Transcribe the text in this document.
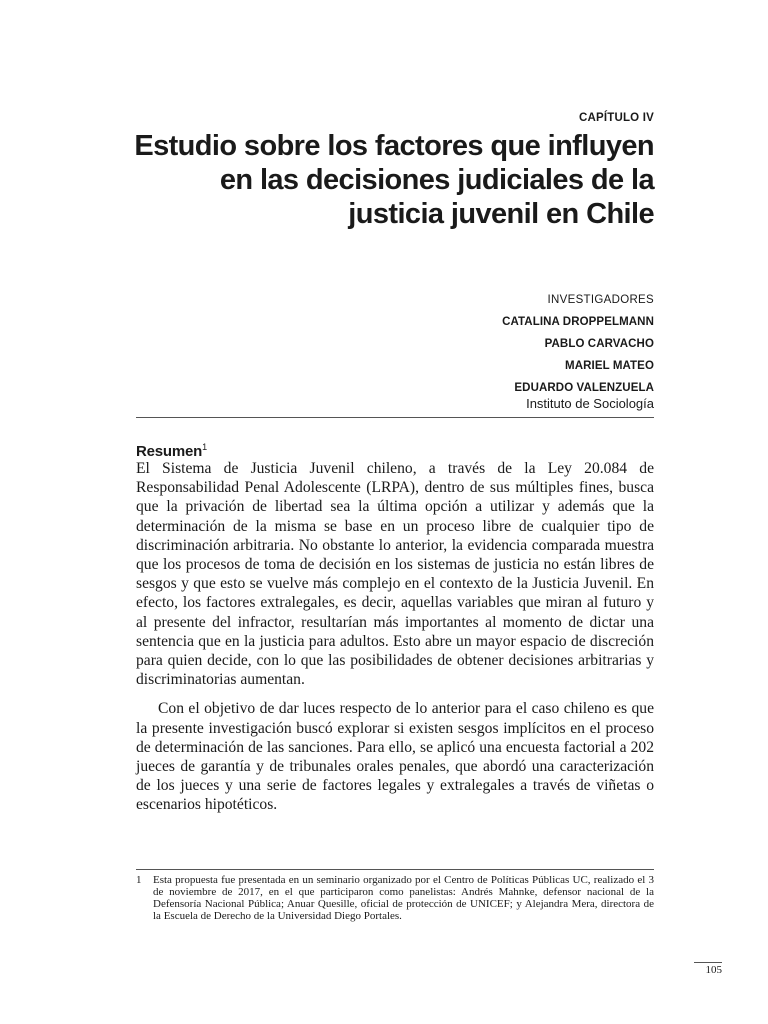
CAPÍTULO IV
Estudio sobre los factores que influyen
en las decisiones judiciales de la
justicia juvenil en Chile
INVESTIGADORES
CATALINA DROPPELMANN
PABLO CARVACHO
MARIEL MATEO
EDUARDO VALENZUELA
Instituto de Sociología
Resumen$^1$

El Sistema de Justicia Juvenil chileno, a través de la Ley 20.084 de Responsabilidad Penal Adolescente (LRPA), dentro de sus múltiples fines, busca que la privación de libertad sea la última opción a utilizar y además que la determinación de la misma se base en un proceso libre de cualquier tipo de discriminación arbitraria. No obstante lo anterior, la evidencia comparada muestra que los procesos de toma de decisión en los sistemas de justicia no están libres de sesgos y que esto se vuelve más complejo en el contexto de la Justicia Juvenil. En efecto, los factores extralegales, es decir, aquellas variables que miran al futuro y al presente del infractor, resultarían más importantes al momento de dictar una sentencia que en la justicia para adultos. Esto abre un mayor espacio de discreción para quien decide, con lo que las posibilidades de obtener decisiones arbitrarias y discriminatorias aumentan.

Con el objetivo de dar luces respecto de lo anterior para el caso chileno es que la presente investigación buscó explorar si existen sesgos implícitos en el proceso de determinación de las sanciones. Para ello, se aplicó una encuesta factorial a 202 jueces de garantía y de tribunales orales penales, que abordó una caracterización de los jueces y una serie de factores legales y extralegales a través de viñetas o escenarios hipotéticos.

1	Esta propuesta fue presentada en un seminario organizado por el Centro de Políticas Públicas UC, realizado el 3 de noviembre de 2017, en el que participaron como panelistas: Andrés Mahnke, defensor nacional de la Defensoría Nacional Pública; Anuar Quesille, oficial de protección de UNICEF; y Alejandra Mera, directora de la Escuela de Derecho de la Universidad Diego Portales.
105
